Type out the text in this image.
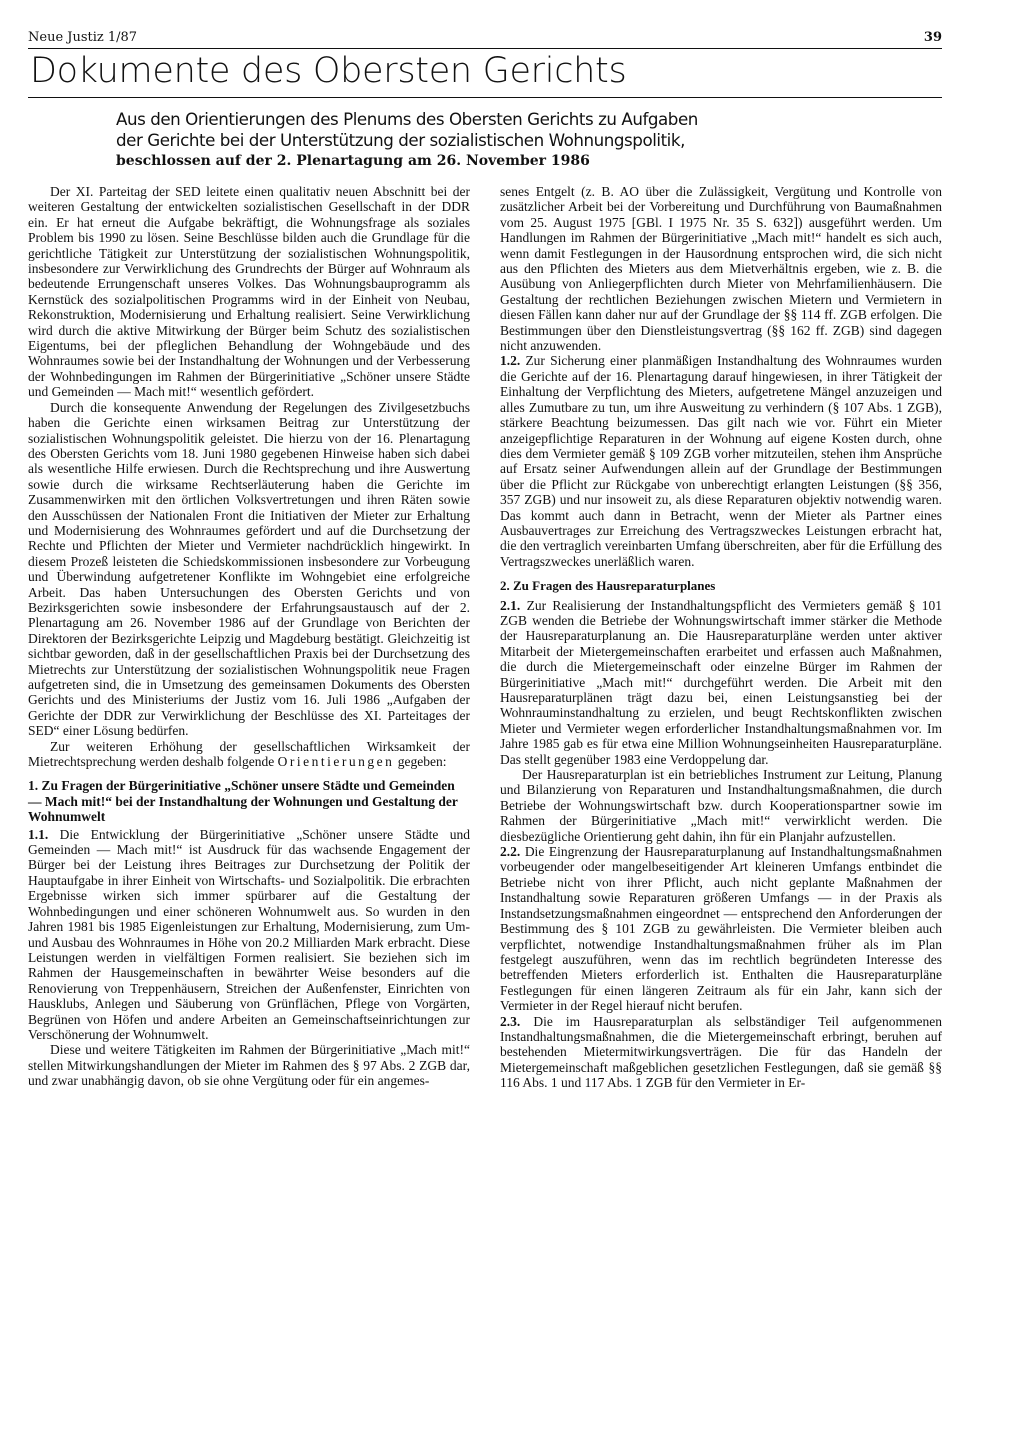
Neue Justiz 1/87	39
Dokumente des Obersten Gerichts
Aus den Orientierungen des Plenums des Obersten Gerichts zu Aufgaben
der Gerichte bei der Unterstützung der sozialistischen Wohnungspolitik,
beschlossen auf der 2. Plenartagung am 26. November 1986

Der XI. Parteitag der SED leitete einen qualitativ neuen Abschnitt bei der weiteren Gestaltung der entwickelten sozialistischen Gesellschaft in der DDR ein. Er hat erneut die Aufgabe bekräftigt, die Wohnungsfrage als soziales Problem bis 1990 zu lösen. Seine Beschlüsse bilden auch die Grundlage für die gerichtliche Tätigkeit zur Unterstützung der sozialistischen Wohnungspolitik, insbesondere zur Verwirklichung des Grundrechts der Bürger auf Wohnraum als bedeutende Errungenschaft unseres Volkes. Das Wohnungsbauprogramm als Kernstück des sozialpolitischen Programms wird in der Einheit von Neubau, Rekonstruktion, Modernisierung und Erhaltung realisiert. Seine Verwirklichung wird durch die aktive Mitwirkung der Bürger beim Schutz des sozialistischen Eigentums, bei der pfleglichen Behandlung der Wohngebäude und des Wohnraumes sowie bei der Instandhaltung der Wohnungen und der Verbesserung der Wohnbedingungen im Rahmen der Bürgerinitiative „Schöner unsere Städte und Gemeinden — Mach mit!“ wesentlich gefördert.

Durch die konsequente Anwendung der Regelungen des Zivilgesetzbuchs haben die Gerichte einen wirksamen Beitrag zur Unterstützung der sozialistischen Wohnungspolitik geleistet. Die hierzu von der 16. Plenartagung des Obersten Gerichts vom 18. Juni 1980 gegebenen Hinweise haben sich dabei als wesentliche Hilfe erwiesen. Durch die Rechtsprechung und ihre Auswertung sowie durch die wirksame Rechtserläuterung haben die Gerichte im Zusammenwirken mit den örtlichen Volksvertretungen und ihren Räten sowie den Ausschüssen der Nationalen Front die Initiativen der Mieter zur Erhaltung und Modernisierung des Wohnraumes gefördert und auf die Durchsetzung der Rechte und Pflichten der Mieter und Vermieter nachdrücklich hingewirkt. In diesem Prozeß leisteten die Schiedskommissionen insbesondere zur Vorbeugung und Überwindung aufgetretener Konflikte im Wohngebiet eine erfolgreiche Arbeit. Das haben Untersuchungen des Obersten Gerichts und von Bezirksgerichten sowie insbesondere der Erfahrungsaustausch auf der 2. Plenartagung am 26. November 1986 auf der Grundlage von Berichten der Direktoren der Bezirksgerichte Leipzig und Magdeburg bestätigt. Gleichzeitig ist sichtbar geworden, daß in der gesellschaftlichen Praxis bei der Durchsetzung des Mietrechts zur Unterstützung der sozialistischen Wohnungspolitik neue Fragen aufgetreten sind, die in Umsetzung des gemeinsamen Dokuments des Obersten Gerichts und des Ministeriums der Justiz vom 16. Juli 1986 „Aufgaben der Gerichte der DDR zur Verwirklichung der Beschlüsse des XI. Parteitages der SED“ einer Lösung bedürfen.

Zur weiteren Erhöhung der gesellschaftlichen Wirksamkeit der Mietrechtsprechung werden deshalb folgende Orientierungen gegeben:

1. Zu Fragen der Bürgerinitiative „Schöner unsere Städte und Gemeinden — Mach mit!“ bei der Instandhaltung der Wohnungen und Gestaltung der Wohnumwelt

1.1. Die Entwicklung der Bürgerinitiative „Schöner unsere Städte und Gemeinden — Mach mit!“ ist Ausdruck für das wachsende Engagement der Bürger bei der Leistung ihres Beitrages zur Durchsetzung der Politik der Hauptaufgabe in ihrer Einheit von Wirtschafts- und Sozialpolitik. Die erbrachten Ergebnisse wirken sich immer spürbarer auf die Gestaltung der Wohnbedingungen und einer schöneren Wohnumwelt aus. So wurden in den Jahren 1981 bis 1985 Eigenleistungen zur Erhaltung, Modernisierung, zum Um- und Ausbau des Wohnraumes in Höhe von 20.2 Milliarden Mark erbracht. Diese Leistungen werden in vielfältigen Formen realisiert. Sie beziehen sich im Rahmen der Hausgemeinschaften in bewährter Weise besonders auf die Renovierung von Treppenhäusern, Streichen der Außenfenster, Einrichten von Hausklubs, Anlegen und Säuberung von Grünflächen, Pflege von Vorgärten, Begrünen von Höfen und andere Arbeiten an Gemeinschaftseinrichtungen zur Verschönerung der Wohnumwelt.

Diese und weitere Tätigkeiten im Rahmen der Bürgerinitiative „Mach mit!“ stellen Mitwirkungshandlungen der Mieter im Rahmen des § 97 Abs. 2 ZGB dar, und zwar unabhängig davon, ob sie ohne Vergütung oder für ein angemes-

senes Entgelt (z. B. AO über die Zulässigkeit, Vergütung und Kontrolle von zusätzlicher Arbeit bei der Vorbereitung und Durchführung von Baumaßnahmen vom 25. August 1975 [GBl. I 1975 Nr. 35 S. 632]) ausgeführt werden. Um Handlungen im Rahmen der Bürgerinitiative „Mach mit!“ handelt es sich auch, wenn damit Festlegungen in der Hausordnung entsprochen wird, die sich nicht aus den Pflichten des Mieters aus dem Mietverhältnis ergeben, wie z. B. die Ausübung von Anliegerpflichten durch Mieter von Mehrfamilienhäusern. Die Gestaltung der rechtlichen Beziehungen zwischen Mietern und Vermietern in diesen Fällen kann daher nur auf der Grundlage der §§ 114 ff. ZGB erfolgen. Die Bestimmungen über den Dienstleistungsvertrag (§§ 162 ff. ZGB) sind dagegen nicht anzuwenden.

1.2. Zur Sicherung einer planmäßigen Instandhaltung des Wohnraumes wurden die Gerichte auf der 16. Plenartagung darauf hingewiesen, in ihrer Tätigkeit der Einhaltung der Verpflichtung des Mieters, aufgetretene Mängel anzuzeigen und alles Zumutbare zu tun, um ihre Ausweitung zu verhindern (§ 107 Abs. 1 ZGB), stärkere Beachtung beizumessen. Das gilt nach wie vor. Führt ein Mieter anzeigepflichtige Reparaturen in der Wohnung auf eigene Kosten durch, ohne dies dem Vermieter gemäß § 109 ZGB vorher mitzuteilen, stehen ihm Ansprüche auf Ersatz seiner Aufwendungen allein auf der Grundlage der Bestimmungen über die Pflicht zur Rückgabe von unberechtigt erlangten Leistungen (§§ 356, 357 ZGB) und nur insoweit zu, als diese Reparaturen objektiv notwendig waren. Das kommt auch dann in Betracht, wenn der Mieter als Partner eines Ausbauvertrages zur Erreichung des Vertragszweckes Leistungen erbracht hat, die den vertraglich vereinbarten Umfang überschreiten, aber für die Erfüllung des Vertragszweckes unerläßlich waren.

2. Zu Fragen des Hausreparaturplanes

2.1. Zur Realisierung der Instandhaltungspflicht des Vermieters gemäß § 101 ZGB wenden die Betriebe der Wohnungswirtschaft immer stärker die Methode der Hausreparaturplanung an. Die Hausreparaturpläne werden unter aktiver Mitarbeit der Mietergemeinschaften erarbeitet und erfassen auch Maßnahmen, die durch die Mietergemeinschaft oder einzelne Bürger im Rahmen der Bürgerinitiative „Mach mit!“ durchgeführt werden. Die Arbeit mit den Hausreparaturplänen trägt dazu bei, einen Leistungsanstieg bei der Wohnrauminstandhaltung zu erzielen, und beugt Rechtskonflikten zwischen Mieter und Vermieter wegen erforderlicher Instandhaltungsmaßnahmen vor. Im Jahre 1985 gab es für etwa eine Million Wohnungseinheiten Hausreparaturpläne. Das stellt gegenüber 1983 eine Verdoppelung dar.

Der Hausreparaturplan ist ein betriebliches Instrument zur Leitung, Planung und Bilanzierung von Reparaturen und Instandhaltungsmaßnahmen, die durch Betriebe der Wohnungswirtschaft bzw. durch Kooperationspartner sowie im Rahmen der Bürgerinitiative „Mach mit!“ verwirklicht werden. Die diesbezügliche Orientierung geht dahin, ihn für ein Planjahr aufzustellen.

2.2. Die Eingrenzung der Hausreparaturplanung auf Instandhaltungsmaßnahmen vorbeugender oder mangelbeseitigender Art kleineren Umfangs entbindet die Betriebe nicht von ihrer Pflicht, auch nicht geplante Maßnahmen der Instandhaltung sowie Reparaturen größeren Umfangs — in der Praxis als Instandsetzungsmaßnahmen eingeordnet — entsprechend den Anforderungen der Bestimmung des § 101 ZGB zu gewährleisten. Die Vermieter bleiben auch verpflichtet, notwendige Instandhaltungsmaßnahmen früher als im Plan festgelegt auszuführen, wenn das im rechtlich begründeten Interesse des betreffenden Mieters erforderlich ist. Enthalten die Hausreparaturpläne Festlegungen für einen längeren Zeitraum als für ein Jahr, kann sich der Vermieter in der Regel hierauf nicht berufen.

2.3. Die im Hausreparaturplan als selbständiger Teil aufgenommenen Instandhaltungsmaßnahmen, die die Mietergemeinschaft erbringt, beruhen auf bestehenden Mietermitwirkungsverträgen. Die für das Handeln der Mietergemeinschaft maßgeblichen gesetzlichen Festlegungen, daß sie gemäß §§ 116 Abs. 1 und 117 Abs. 1 ZGB für den Vermieter in Er-
